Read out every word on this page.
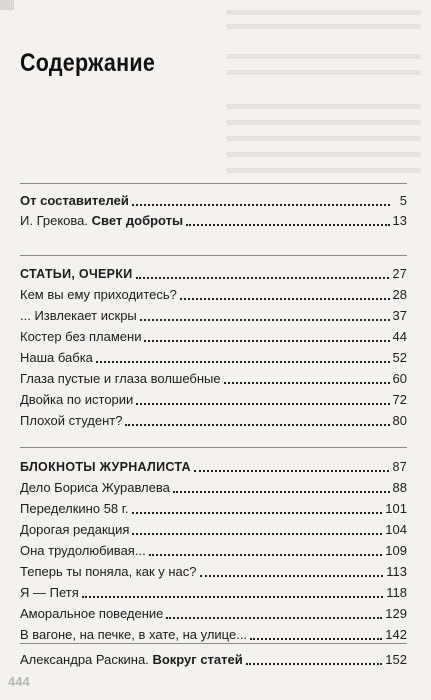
Содержание
От составителей	5
И. Грекова. Свет доброты	13
СТАТЬИ, ОЧЕРКИ	27
Кем вы ему приходитесь?	28
... Извлекает искры	37
Костер без пламени	44
Наша бабка	52
Глаза пустые и глаза волшебные	60
Двойка по истории	72
Плохой студент?	80
БЛОКНОТЫ ЖУРНАЛИСТА	87
Дело Бориса Журавлева	88
Переделкино 58 г.	101
Дорогая редакция	104
Она трудолюбивая...	109
Теперь ты поняла, как у нас?	113
Я — Петя	118
Аморальное поведение	129
В вагоне, на печке, в хате, на улице...	142
Александра Раскина. Вокруг статей	152
444
